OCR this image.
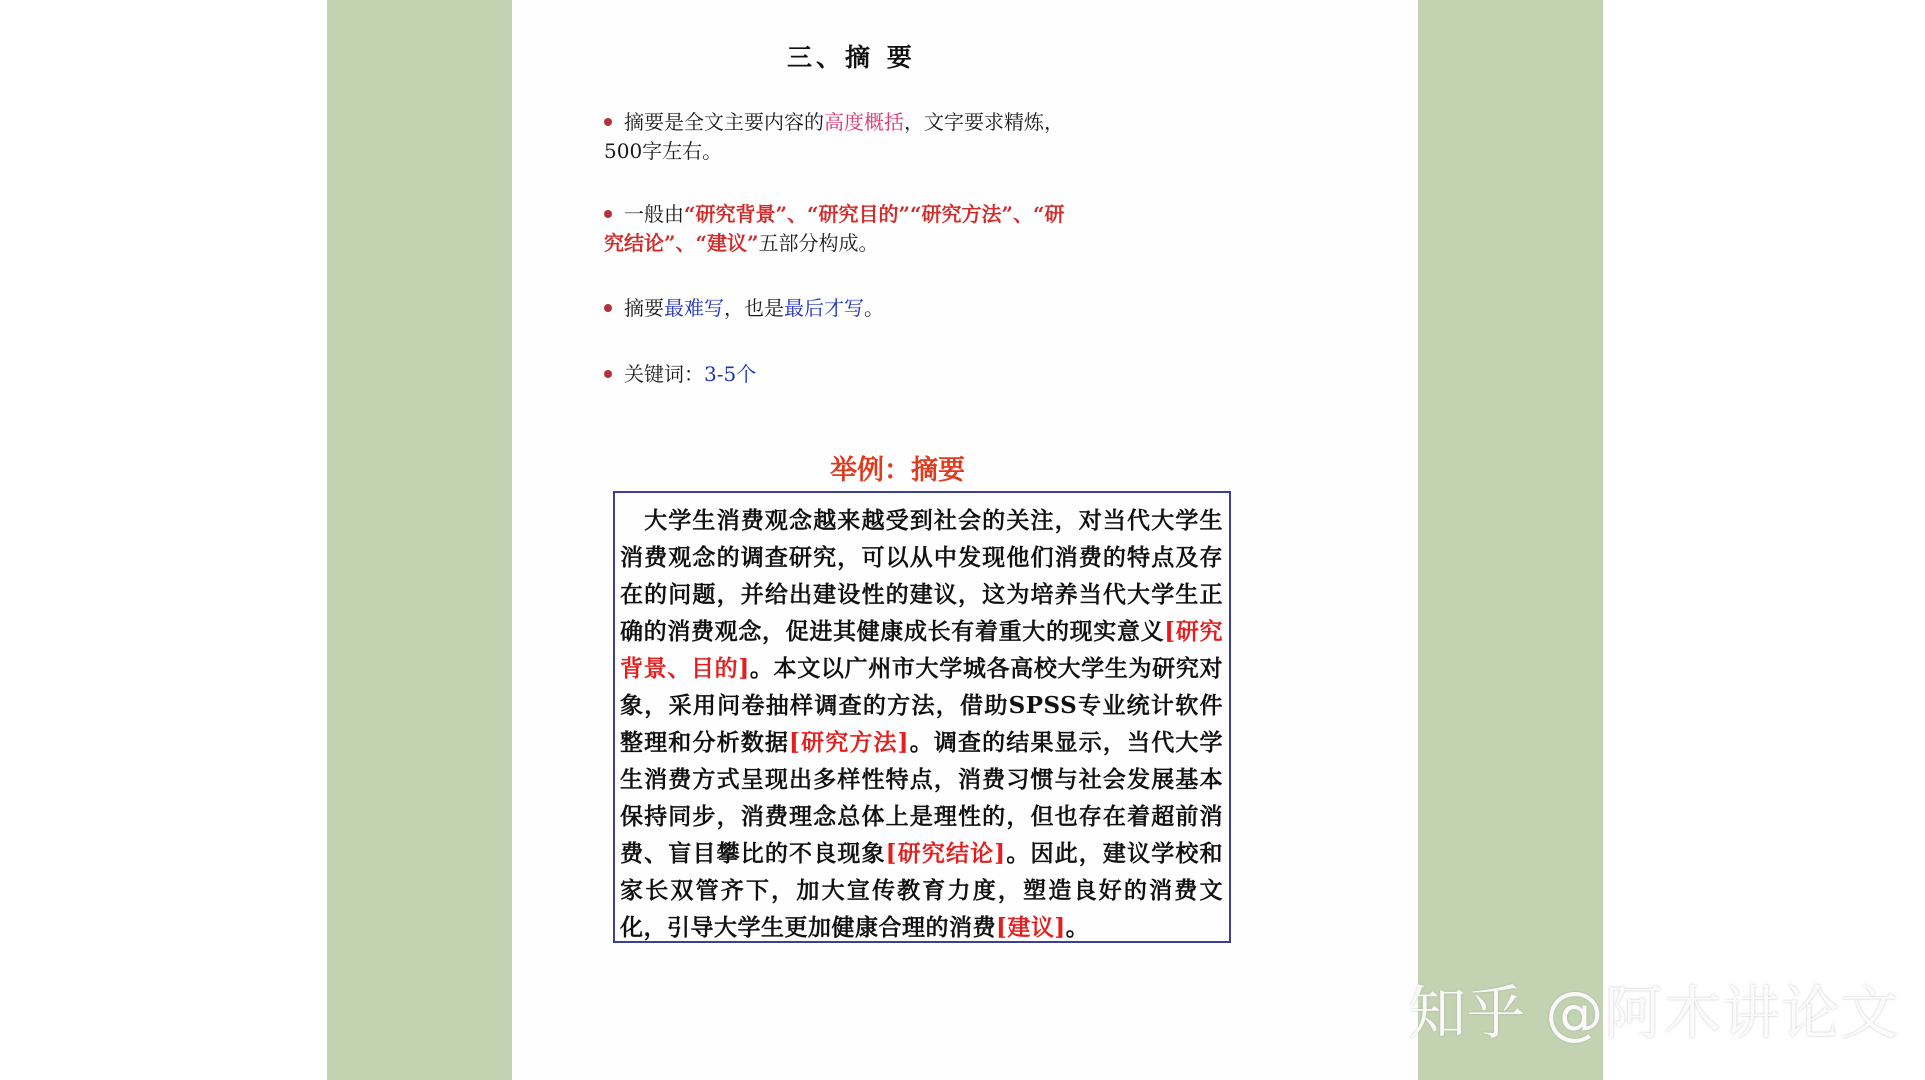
三、摘 要
摘要是全文主要内容的高度概括，文字要求精炼，500字左右。
一般由“研究背景”、“研究目的”“研究方法”、“研究结论”、“建议”五部分构成。
摘要最难写，也是最后才写。
关键词：3-5个
举例：摘要
　大学生消费观念越来越受到社会的关注，对当代大学生消费观念的调查研究，可以从中发现他们消费的特点及存在的问题，并给出建设性的建议，这为培养当代大学生正确的消费观念，促进其健康成长有着重大的现实意义[研究背景、目的]。本文以广州市大学城各高校大学生为研究对象，采用问卷抽样调查的方法，借助SPSS专业统计软件整理和分析数据[研究方法]。调查的结果显示，当代大学生消费方式呈现出多样性特点，消费习惯与社会发展基本保持同步，消费理念总体上是理性的，但也存在着超前消费、盲目攀比的不良现象[研究结论]。因此，建议学校和家长双管齐下，加大宣传教育力度，塑造良好的消费文化，引导大学生更加健康合理的消费[建议]。
知乎 @阿木讲论文
